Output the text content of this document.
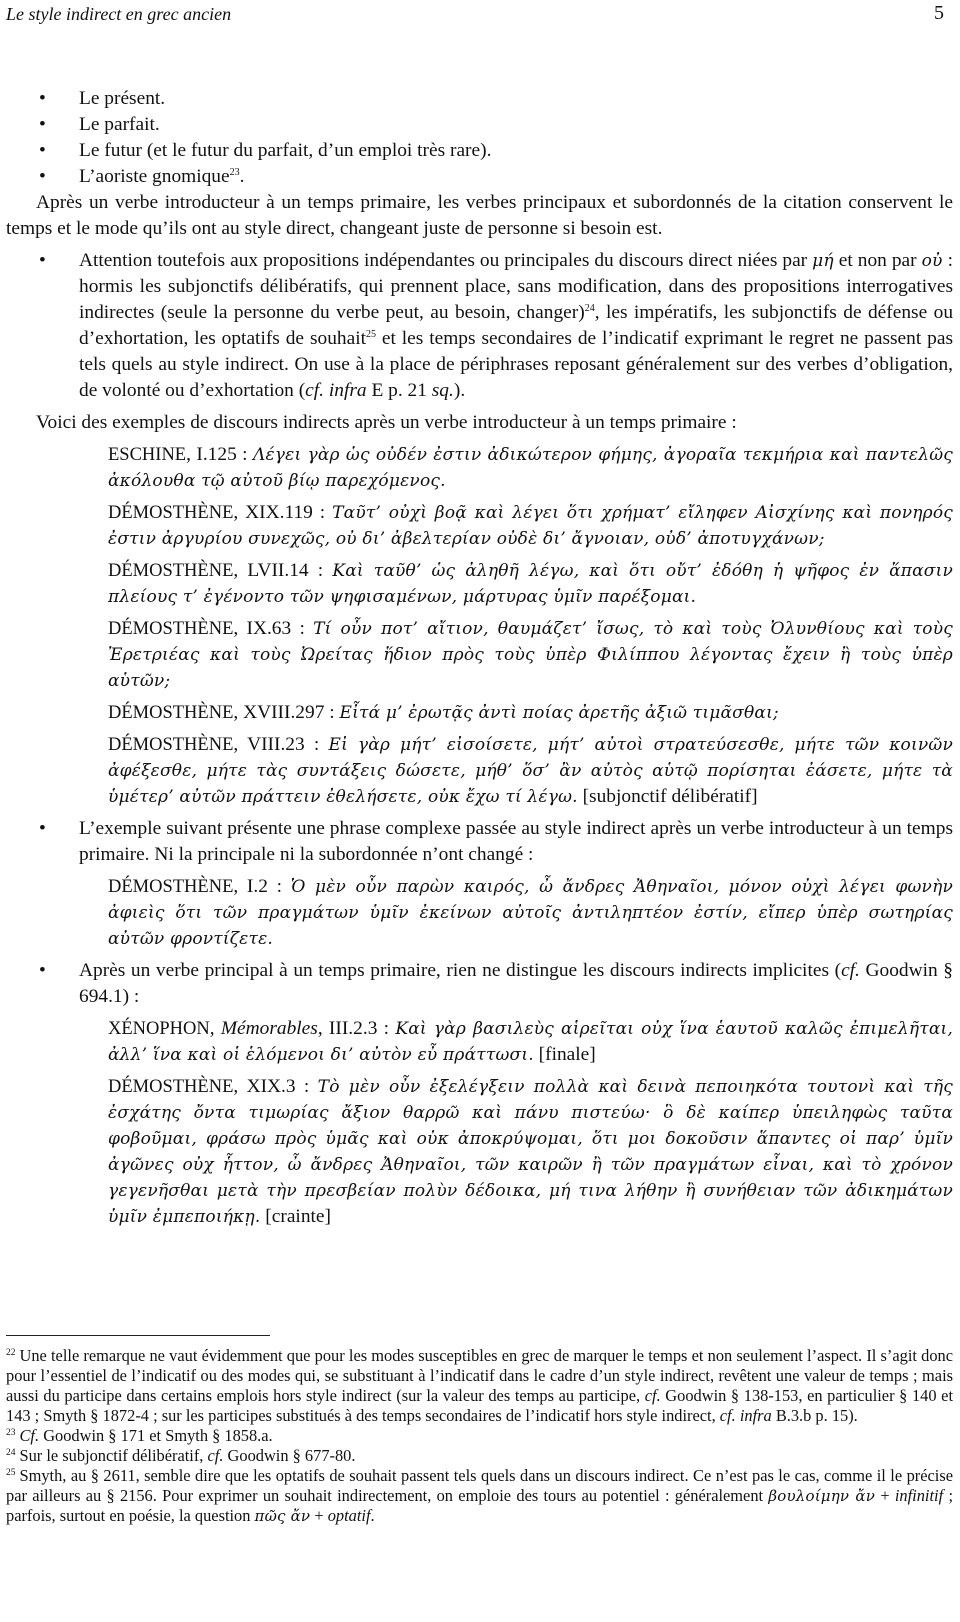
Le style indirect en grec ancien	5

• Le présent.

• Le parfait.

• Le futur (et le futur du parfait, d’un emploi très rare).

• L’aoriste gnomique$^{23}$.

Après un verbe introducteur à un temps primaire, les verbes principaux et subordonnés de la citation conservent le temps et le mode qu’ils ont au style direct, changeant juste de personne si besoin est.

• Attention toutefois aux propositions indépendantes ou principales du discours direct niées par μή et non par οὐ : hormis les subjonctifs délibératifs, qui prennent place, sans modification, dans des propositions interrogatives indirectes (seule la personne du verbe peut, au besoin, changer)$^{24}$, les impératifs, les subjonctifs de défense ou d’exhortation, les optatifs de souhait$^{25}$ et les temps secondaires de l’indicatif exprimant le regret ne passent pas tels quels au style indirect. On use à la place de périphrases reposant généralement sur des verbes d’obligation, de volonté ou d’exhortation (cf. infra E p. 21 sq.).

Voici des exemples de discours indirects après un verbe introducteur à un temps primaire :

ESCHINE, I.125 : Λέγει γὰρ ὡς οὐδέν ἐστιν ἀδικώτερον φήμης, ἀγοραῖα τεκμήρια καὶ παντελῶς ἀκόλουθα τῷ αὐτοῦ βίῳ παρεχόμενος.

DÉMOSTHÈNE, XIX.119 : Ταῦτ’ οὐχὶ βοᾷ καὶ λέγει ὅτι χρήματ’ εἴληφεν Αἰσχίνης καὶ πονηρός ἐστιν ἀργυρίου συνεχῶς, οὐ δι’ ἀβελτερίαν οὐδὲ δι’ ἄγνοιαν, οὐδ’ ἀποτυγχάνων;

DÉMOSTHÈNE, LVII.14 : Καὶ ταῦθ’ ὡς ἀληθῆ λέγω, καὶ ὅτι οὔτ’ ἐδόθη ἡ ψῆφος ἐν ἅπασιν πλείους τ’ ἐγένοντο τῶν ψηφισαμένων, μάρτυρας ὑμῖν παρέξομαι.

DÉMOSTHÈNE, IX.63 : Τί οὖν ποτ’ αἴτιον, θαυμάζετ’ ἴσως, τὸ καὶ τοὺς Ὀλυνθίους καὶ τοὺς Ἐρετριέας καὶ τοὺς Ὠρείτας ἥδιον πρὸς τοὺς ὑπὲρ Φιλίππου λέγοντας ἔχειν ἢ τοὺς ὑπὲρ αὑτῶν;

DÉMOSTHÈNE, XVIII.297 : Εἶτά μ’ ἐρωτᾷς ἀντὶ ποίας ἀρετῆς ἀξιῶ τιμᾶσθαι;

DÉMOSTHÈNE, VIII.23 : Εἰ γὰρ μήτ’ εἰσοίσετε, μήτ’ αὐτοὶ στρατεύσεσθε, μήτε τῶν κοινῶν ἀφέξεσθε, μήτε τὰς συντάξεις δώσετε, μήθ’ ὅσ’ ἂν αὐτὸς αὑτῷ πορίσηται ἐάσετε, μήτε τὰ ὑμέτερ’ αὐτῶν πράττειν ἐθελήσετε, οὐκ ἔχω τί λέγω. [subjonctif délibératif]

• L’exemple suivant présente une phrase complexe passée au style indirect après un verbe introducteur à un temps primaire. Ni la principale ni la subordonnée n’ont changé :

DÉMOSTHÈNE, I.2 : Ὁ μὲν οὖν παρὼν καιρός, ὦ ἄνδρες Ἀθηναῖοι, μόνον οὐχὶ λέγει φωνὴν ἀφιεὶς ὅτι τῶν πραγμάτων ὑμῖν ἐκείνων αὐτοῖς ἀντιληπτέον ἐστίν, εἴπερ ὑπὲρ σωτηρίας αὐτῶν φροντίζετε.

• Après un verbe principal à un temps primaire, rien ne distingue les discours indirects implicites (cf. Goodwin § 694.1) :

XÉNOPHON, Mémorables, III.2.3 : Καὶ γὰρ βασιλεὺς αἱρεῖται οὐχ ἵνα ἑαυτοῦ καλῶς ἐπιμελῆται, ἀλλ’ ἵνα καὶ οἱ ἑλόμενοι δι’ αὐτὸν εὖ πράττωσι. [finale]

DÉMOSTHÈNE, XIX.3 : Τὸ μὲν οὖν ἐξελέγξειν πολλὰ καὶ δεινὰ πεποιηκότα τουτονὶ καὶ τῆς ἐσχάτης ὄντα τιμωρίας ἄξιον θαρρῶ καὶ πάνυ πιστεύω· ὃ δὲ καίπερ ὑπειληφὼς ταῦτα φοβοῦμαι, φράσω πρὸς ὑμᾶς καὶ οὐκ ἀποκρύψομαι, ὅτι μοι δοκοῦσιν ἅπαντες οἱ παρ’ ὑμῖν ἀγῶνες οὐχ ἧττον, ὦ ἄνδρες Ἀθηναῖοι, τῶν καιρῶν ἢ τῶν πραγμάτων εἶναι, καὶ τὸ χρόνον γεγενῆσθαι μετὰ τὴν πρεσβείαν πολὺν δέδοικα, μή τινα λήθην ἢ συνήθειαν τῶν ἀδικημάτων ὑμῖν ἐμπεποιήκῃ. [crainte]

$^{22}$ Une telle remarque ne vaut évidemment que pour les modes susceptibles en grec de marquer le temps et non seulement l’aspect. Il s’agit donc pour l’essentiel de l’indicatif ou des modes qui, se substituant à l’indicatif dans le cadre d’un style indirect, revêtent une valeur de temps ; mais aussi du participe dans certains emplois hors style indirect (sur la valeur des temps au participe, cf. Goodwin § 138-153, en particulier § 140 et 143 ; Smyth § 1872-4 ; sur les participes substitués à des temps secondaires de l’indicatif hors style indirect, cf. infra B.3.b p. 15).

$^{23}$ Cf. Goodwin § 171 et Smyth § 1858.a.

$^{24}$ Sur le subjonctif délibératif, cf. Goodwin § 677-80.

$^{25}$ Smyth, au § 2611, semble dire que les optatifs de souhait passent tels quels dans un discours indirect. Ce n’est pas le cas, comme il le précise par ailleurs au § 2156. Pour exprimer un souhait indirectement, on emploie des tours au potentiel : généralement βουλοίμην ἄν + infinitif ; parfois, surtout en poésie, la question πῶς ἄν + optatif.
